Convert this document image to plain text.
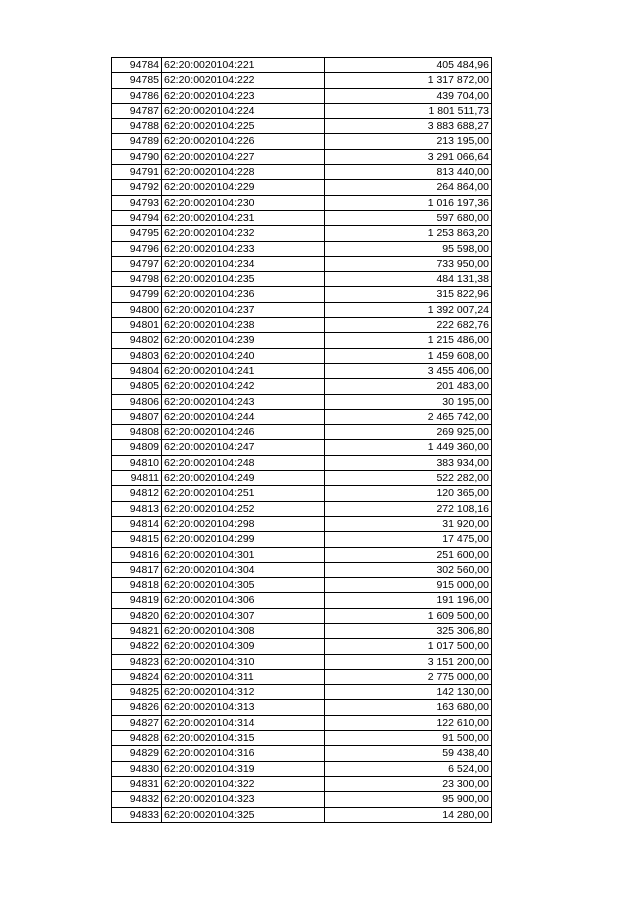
94784	62:20:0020104:221	405 484,96
94785	62:20:0020104:222	1 317 872,00
94786	62:20:0020104:223	439 704,00
94787	62:20:0020104:224	1 801 511,73
94788	62:20:0020104:225	3 883 688,27
94789	62:20:0020104:226	213 195,00
94790	62:20:0020104:227	3 291 066,64
94791	62:20:0020104:228	813 440,00
94792	62:20:0020104:229	264 864,00
94793	62:20:0020104:230	1 016 197,36
94794	62:20:0020104:231	597 680,00
94795	62:20:0020104:232	1 253 863,20
94796	62:20:0020104:233	95 598,00
94797	62:20:0020104:234	733 950,00
94798	62:20:0020104:235	484 131,38
94799	62:20:0020104:236	315 822,96
94800	62:20:0020104:237	1 392 007,24
94801	62:20:0020104:238	222 682,76
94802	62:20:0020104:239	1 215 486,00
94803	62:20:0020104:240	1 459 608,00
94804	62:20:0020104:241	3 455 406,00
94805	62:20:0020104:242	201 483,00
94806	62:20:0020104:243	30 195,00
94807	62:20:0020104:244	2 465 742,00
94808	62:20:0020104:246	269 925,00
94809	62:20:0020104:247	1 449 360,00
94810	62:20:0020104:248	383 934,00
94811	62:20:0020104:249	522 282,00
94812	62:20:0020104:251	120 365,00
94813	62:20:0020104:252	272 108,16
94814	62:20:0020104:298	31 920,00
94815	62:20:0020104:299	17 475,00
94816	62:20:0020104:301	251 600,00
94817	62:20:0020104:304	302 560,00
94818	62:20:0020104:305	915 000,00
94819	62:20:0020104:306	191 196,00
94820	62:20:0020104:307	1 609 500,00
94821	62:20:0020104:308	325 306,80
94822	62:20:0020104:309	1 017 500,00
94823	62:20:0020104:310	3 151 200,00
94824	62:20:0020104:311	2 775 000,00
94825	62:20:0020104:312	142 130,00
94826	62:20:0020104:313	163 680,00
94827	62:20:0020104:314	122 610,00
94828	62:20:0020104:315	91 500,00
94829	62:20:0020104:316	59 438,40
94830	62:20:0020104:319	6 524,00
94831	62:20:0020104:322	23 300,00
94832	62:20:0020104:323	95 900,00
94833	62:20:0020104:325	14 280,00
